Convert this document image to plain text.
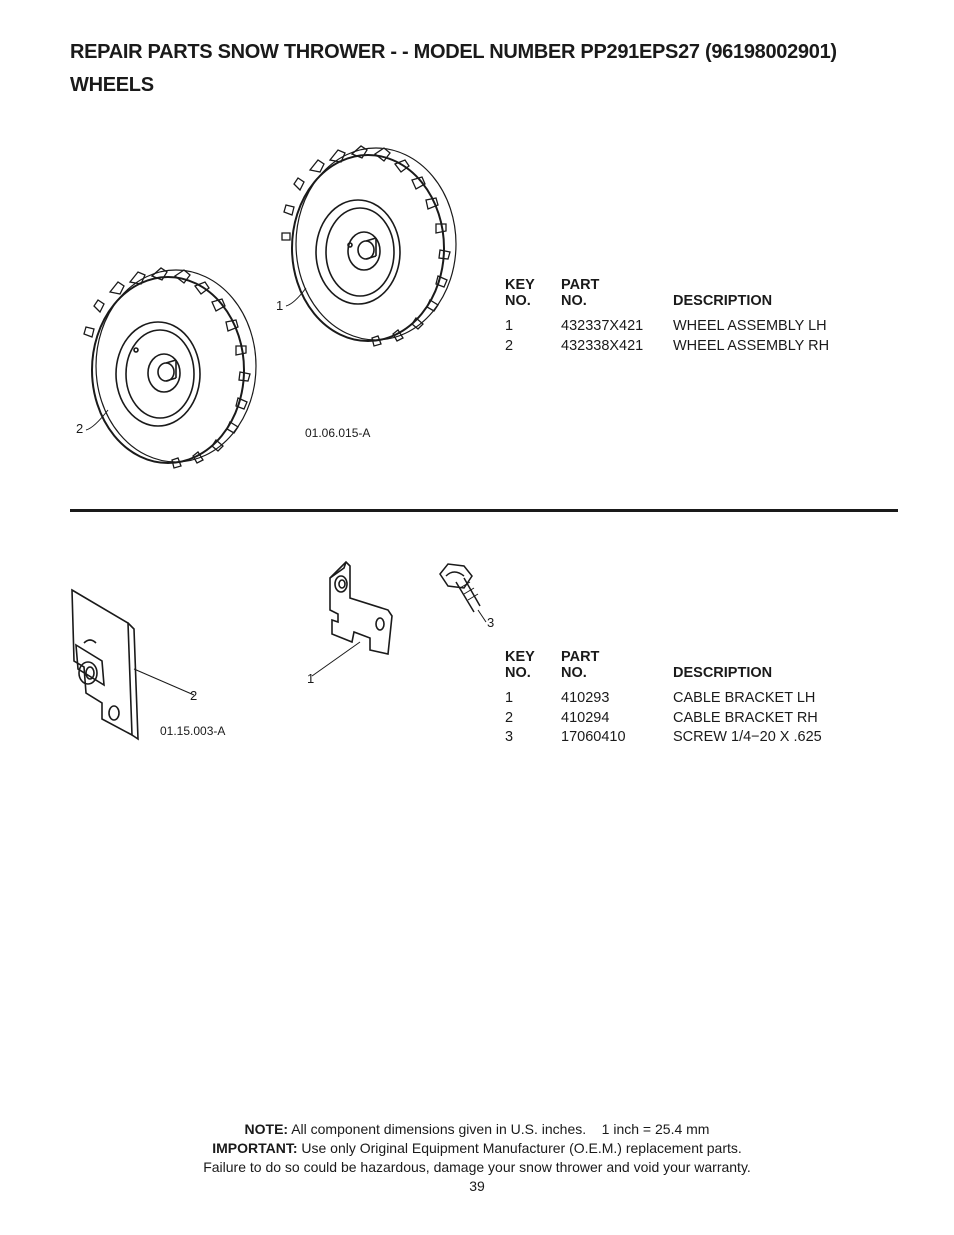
REPAIR PARTS SNOW THROWER - - MODEL NUMBER PP291EPS27 (96198002901)
WHEELS
1
2	01.06.015-A
KEY
NO.	PART
NO.	DESCRIPTION

1	432337X421	WHEEL ASSEMBLY LH
2	432338X421	WHEEL ASSEMBLY RH
2
01.15.003-A
1
3
KEY
NO.	PART
NO.	DESCRIPTION

1	410293	CABLE BRACKET LH
2	410294	CABLE BRACKET RH
3	17060410	SCREW 1/4−20 X .625
NOTE: All component dimensions given in U.S. inches.    1 inch = 25.4 mm
IMPORTANT: Use only Original Equipment Manufacturer (O.E.M.) replacement parts.
Failure to do so could be hazardous, damage your snow thrower and void your warranty.
39
